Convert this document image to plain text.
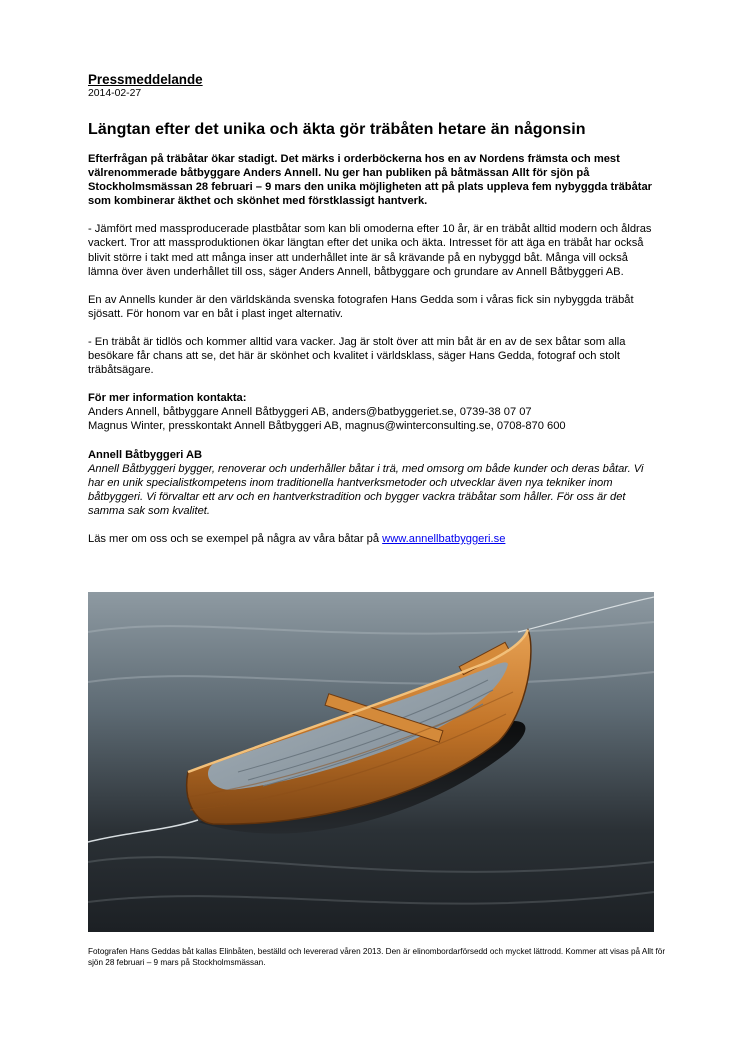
Pressmeddelande

2014-02-27

Längtan efter det unika och äkta gör träbåten hetare än någonsin

Efterfrågan på träbåtar ökar stadigt. Det märks i orderböckerna hos en av Nordens främsta och mest välrenommerade båtbyggare Anders Annell. Nu ger han publiken på båtmässan Allt för sjön på Stockholmsmässan 28 februari – 9 mars den unika möjligheten att på plats uppleva fem nybyggda träbåtar som kombinerar äkthet och skönhet med förstklassigt hantverk.

- Jämfört med massproducerade plastbåtar som kan bli omoderna efter 10 år, är en träbåt alltid modern och åldras vackert. Tror att massproduktionen ökar längtan efter det unika och äkta. Intresset för att äga en träbåt har också blivit större i takt med att många inser att underhållet inte är så krävande på en nybyggd båt. Många vill också lämna över även underhållet till oss, säger Anders Annell, båtbyggare och grundare av Annell Båtbyggeri AB.

En av Annells kunder är den världskända svenska fotografen Hans Gedda som i våras fick sin nybyggda träbåt sjösatt. För honom var en båt i plast inget alternativ.

- En träbåt är tidlös och kommer alltid vara vacker. Jag är stolt över att min båt är en av de sex båtar som alla besökare får chans att se, det här är skönhet och kvalitet i världsklass, säger Hans Gedda, fotograf och stolt träbåtsägare.

För mer information kontakta:

Anders Annell, båtbyggare Annell Båtbyggeri AB, anders@batbyggeriet.se, 0739-38 07 07

Magnus Winter, presskontakt Annell Båtbyggeri AB, magnus@winterconsulting.se, 0708-870 600

Annell Båtbyggeri AB

Annell Båtbyggeri bygger, renoverar och underhåller båtar i trä, med omsorg om både kunder och deras båtar. Vi har en unik specialistkompetens inom traditionella hantverksmetoder och utvecklar även nya tekniker inom båtbyggeri. Vi förvaltar ett arv och en hantverkstradition och bygger vackra träbåtar som håller. För oss är det samma sak som kvalitet.

Läs mer om oss och se exempel på några av våra båtar på www.annellbatbyggeri.se

Fotografen Hans Geddas båt kallas Elinbåten, beställd och levererad våren 2013. Den är elinombordarförsedd och mycket lättrodd. Kommer att visas på Allt för sjön 28 februari – 9 mars på Stockholmsmässan.
